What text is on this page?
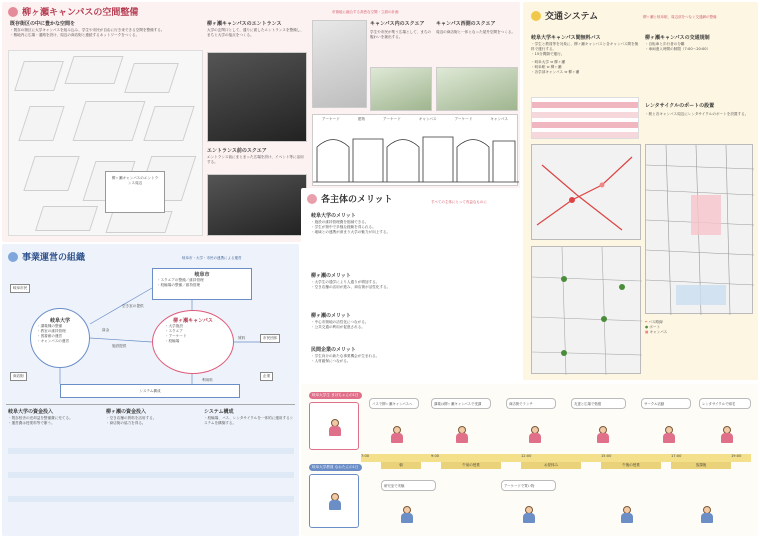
柳ヶ瀬キャンパスの空間整備	市街地に融合する高密な空間・立面の計画
既存街区の中に豊かな空間を
・既存の街区に大学キャンパスを組み込み、学生や市民が自由に行き来できる空間を整備する。
・敷地内に広場・通路を設け、周辺の商店街と連続するネットワークをつくる。
柳ヶ瀬キャンパスのエントランス周辺
柳ヶ瀬キャンパスのエントランス
大学の玄関口として、通りに面したエントランスを整備し、まちと大学の接点をつくる。
エントランス前のスクエア
エントランス前にまとまった広場を設け、イベント等に活用する。
キャンパス内のスクエア
学生や市民が集う広場として、まちの賑わいを創出する。
キャンパス西側のスクエア
周辺の商店街と一体となった屋外空間をつくる。
アーケード	建物	アーケード	キャンパス	アーケード	キャンパス
交通システム	柳ヶ瀬と岐阜駅、周辺部をつなぐ交通網の整備
岐阜大学キャンパス間無料バス
・学生と教員等を対象に、柳ヶ瀬キャンパスと各キャンパス間を無料で運行する。
・15分間隔で運行。
・岐阜大学 ⇔ 柳ヶ瀬
・岐阜駅 ⇔ 柳ヶ瀬
・各学部キャンパス ⇔ 柳ヶ瀬
柳ヶ瀬キャンパスの交通規制
・自転車と歩行者の分離
・車両進入時間の制限（7:00〜20:00）
レンタサイクルのポートの設置
・駅と各キャンパス周辺にレンタサイクルのポートを設置する。
━ バス路線
● ポート
■ キャンパス
事業運営の組織	岐阜市・大学・市民の連携による運営
岐阜市
・スクエアの整備／維持管理
・駐輪場の整備／維持管理
岐阜大学
・講義棟の整備
・教室の維持管理
・図書館の運営
・キャンパスの運営
柳ヶ瀬キャンパス
・大学施設
・スクエア
・アーケード
・駐輪場
資金
施設提供
賃料
空き室の提供
利用料
岐阜市民
商店街
市民団体
企業
システム構成
岐阜大学の資金投入
・既存校舎の売却益を整備費に充てる。
・運営費は授業料等で賄う。
柳ヶ瀬の資金投入
・空き店舗の賃料を活用する。
・商店街の協力を得る。
システム構成
・駐輪場、バス、レンタサイクルを一体的に運用するシステムを構築する。
各主体のメリット	すべての主体にとって有益なものに
岐阜大学のメリット
・施設の維持管理費を削減できる。
・学生が街中で多様な経験を得られる。
・地域との連携が深まり大学の魅力が向上する。
柳ヶ瀬のメリット
・大学生の通学により人通りが増加する。
・空き店舗の活用が進み、商店街が活性化する。
柳ヶ瀬のメリット
・中心市街地の活性化につながる。
・公共交通の利用が促進される。
民間企業のメリット
・学生向けの新たな事業機会が生まれる。
・人材確保につながる。
岐阜大学生 まほちゃんの1日
岐阜大学教員 なおたんの1日
7:00	9:00	12:00	15:00	17:00	19:00
朝	午前の授業	お昼休み	午後の授業	放課後
バスで柳ヶ瀬キャンパスへ	講義は柳ヶ瀬キャンパスで受講	商店街でランチ	友達と広場で勉強	サークル活動	レンタサイクルで帰宅
研究室で実験	アーケードで買い物
